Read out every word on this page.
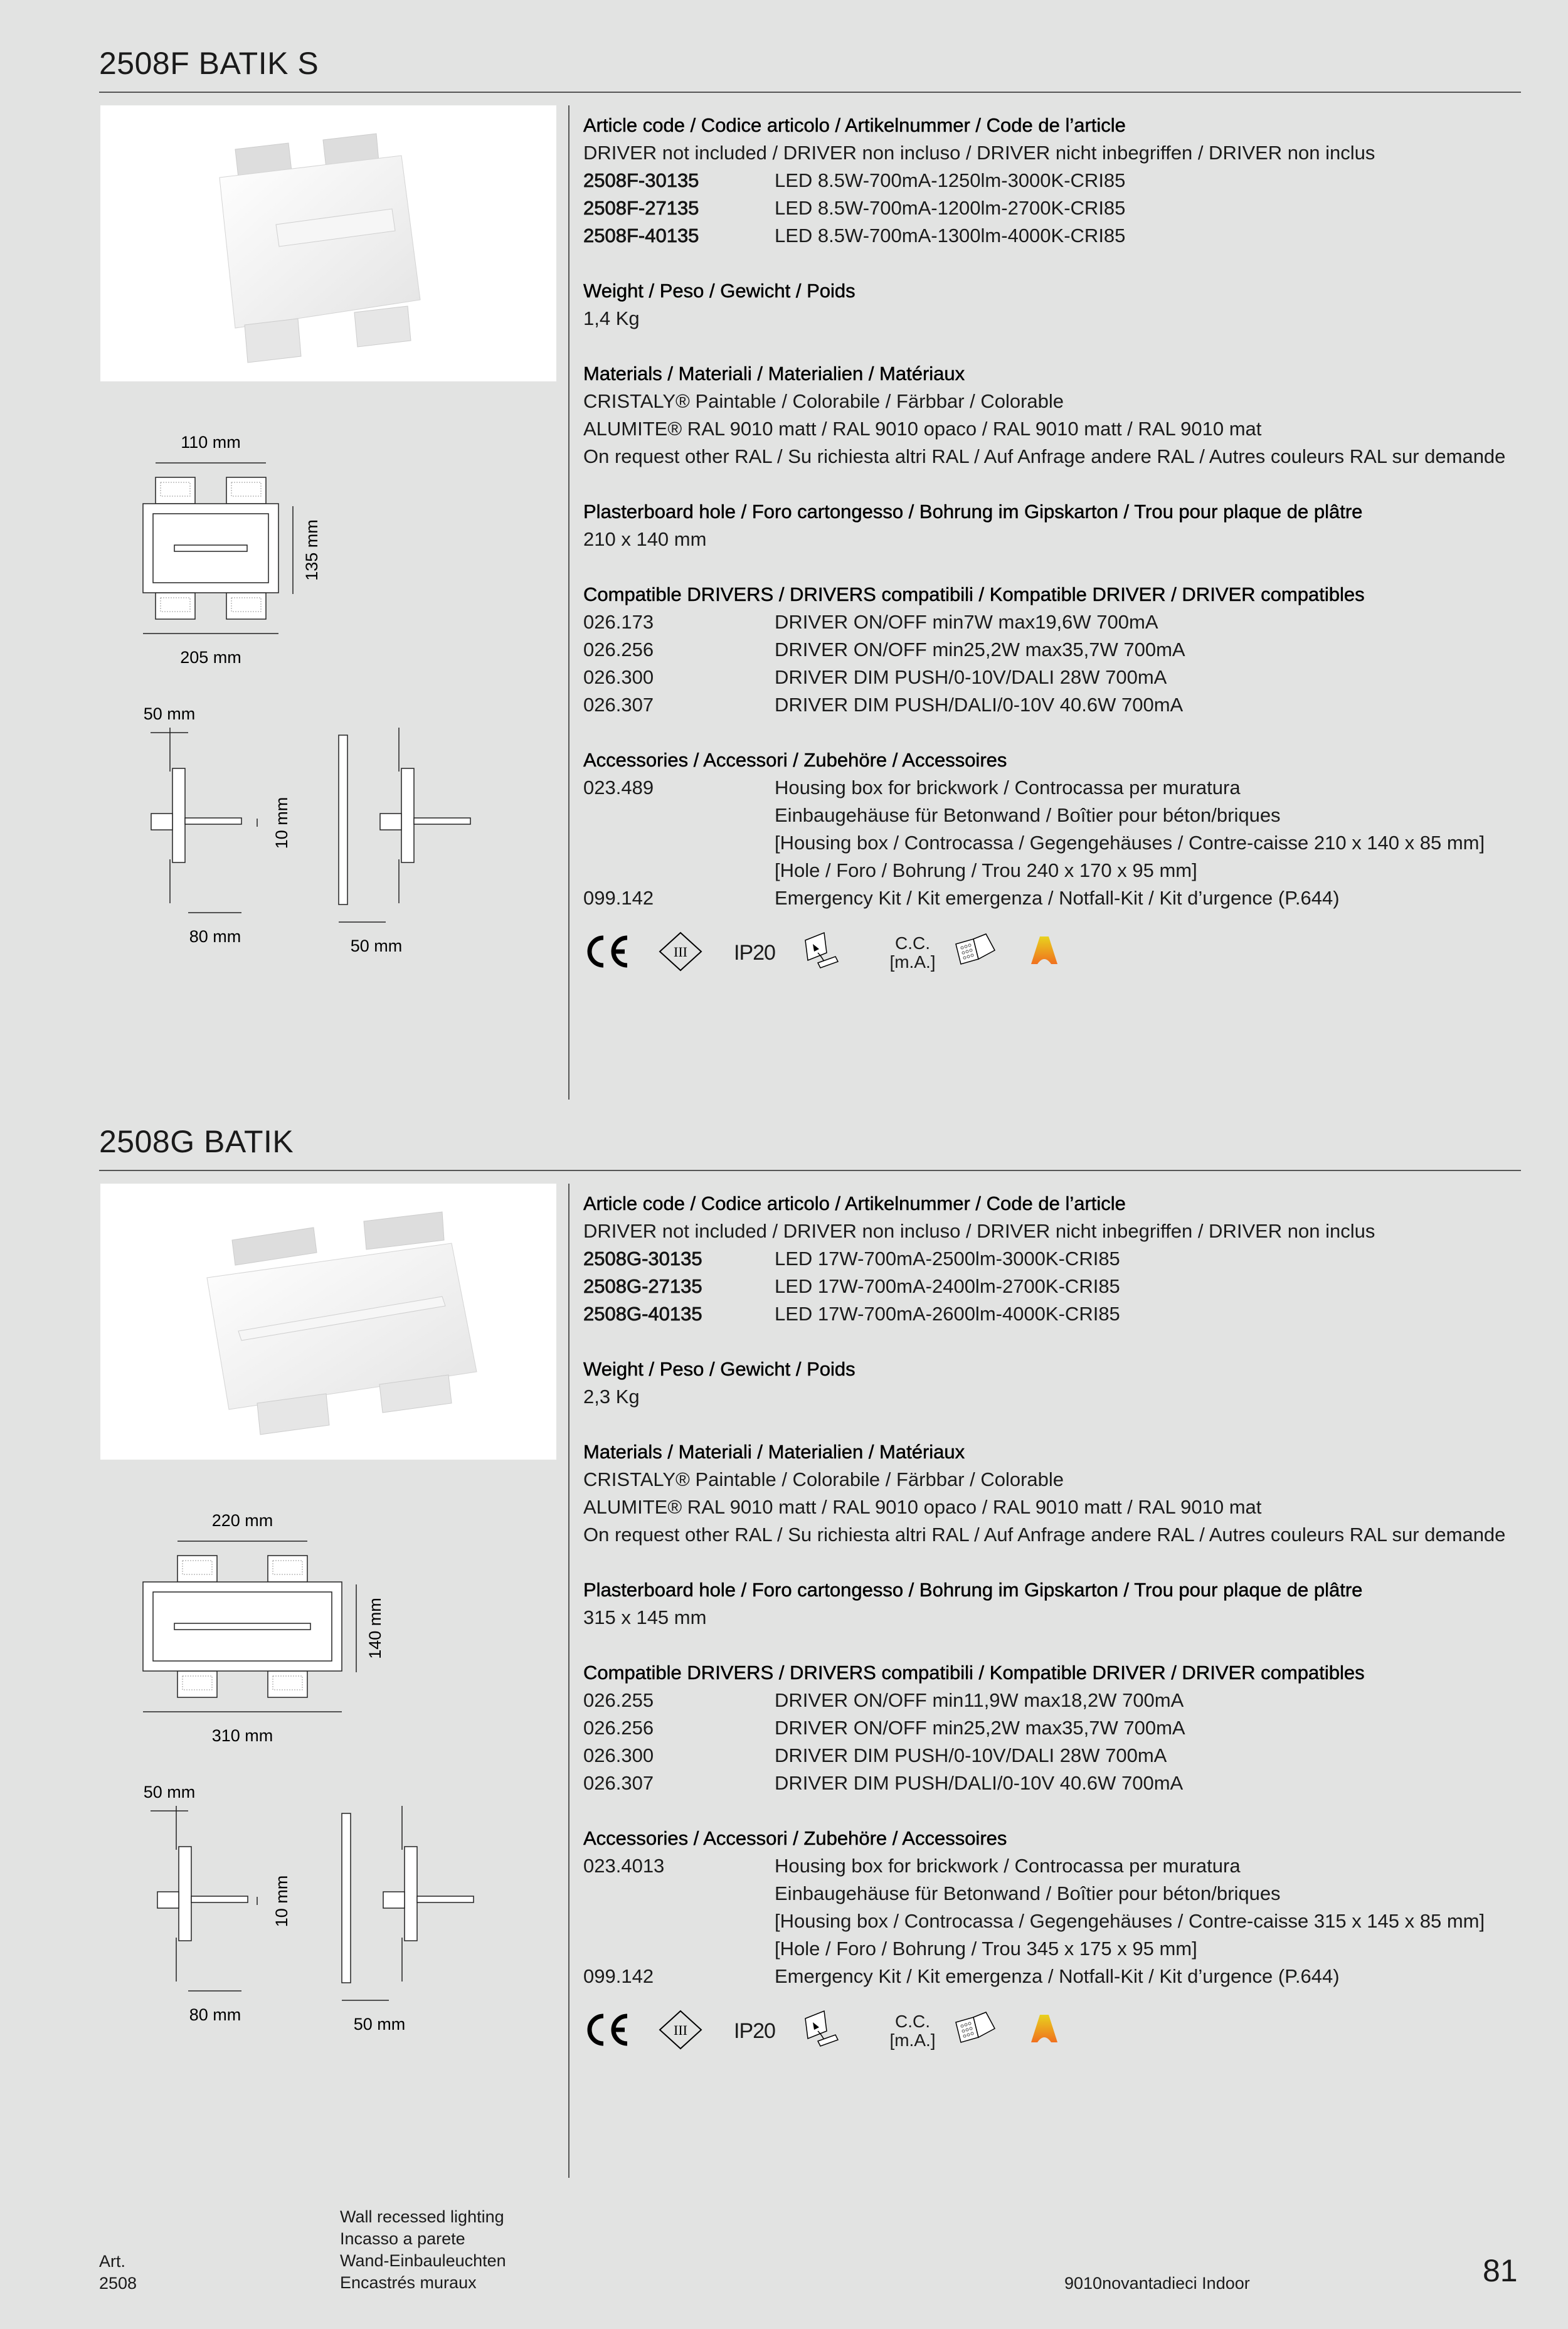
2508F BATIK S
110 mm
205 mm
135 mm
50 mm
10 mm
80 mm	50 mm
Article code / Codice articolo / Artikelnummer / Code de l’article
DRIVER not included / DRIVER non incluso / DRIVER nicht inbegriffen / DRIVER non inclus
2508F-30135	LED 8.5W-700mA-1250lm-3000K-CRI85
2508F-27135	LED 8.5W-700mA-1200lm-2700K-CRI85
2508F-40135	LED 8.5W-700mA-1300lm-4000K-CRI85
Weight / Peso / Gewicht / Poids
1,4 Kg
Materials / Materiali / Materialien / Matériaux
CRISTALY® Paintable / Colorabile / Färbbar / Colorable
ALUMITE® RAL 9010 matt / RAL 9010 opaco / RAL 9010 matt / RAL 9010 mat
On request other RAL / Su richiesta altri RAL / Auf Anfrage andere RAL / Autres couleurs RAL sur demande
Plasterboard hole / Foro cartongesso / Bohrung im Gipskarton / Trou pour plaque de plâtre
210 x 140 mm
Compatible DRIVERS / DRIVERS compatibili / Kompatible DRIVER / DRIVER compatibles
026.173	DRIVER ON/OFF min7W max19,6W 700mA
026.256	DRIVER ON/OFF min25,2W max35,7W 700mA
026.300	DRIVER DIM PUSH/0-10V/DALI 28W 700mA
026.307	DRIVER DIM PUSH/DALI/0-10V 40.6W 700mA
Accessories / Accessori / Zubehöre / Accessoires
023.489	Housing box for brickwork / Controcassa per muratura
Einbaugehäuse für Betonwand / Boîtier pour béton/briques
[Housing box / Controcassa / Gegengehäuses / Contre-caisse 210 x 140 x 85 mm]
[Hole / Foro / Bohrung / Trou 240 x 170 x 95 mm]
099.142	Emergency Kit / Kit emergenza / Notfall-Kit / Kit d’urgence (P.644)
III IP20	C.C.
[m.A.]
2508G BATIK
220 mm
310 mm
140 mm
50 mm
10 mm
80 mm	50 mm
Article code / Codice articolo / Artikelnummer / Code de l’article
DRIVER not included / DRIVER non incluso / DRIVER nicht inbegriffen / DRIVER non inclus
2508G-30135	LED 17W-700mA-2500lm-3000K-CRI85
2508G-27135	LED 17W-700mA-2400lm-2700K-CRI85
2508G-40135	LED 17W-700mA-2600lm-4000K-CRI85
Weight / Peso / Gewicht / Poids
2,3 Kg
Materials / Materiali / Materialien / Matériaux
CRISTALY® Paintable / Colorabile / Färbbar / Colorable
ALUMITE® RAL 9010 matt / RAL 9010 opaco / RAL 9010 matt / RAL 9010 mat
On request other RAL / Su richiesta altri RAL / Auf Anfrage andere RAL / Autres couleurs RAL sur demande
Plasterboard hole / Foro cartongesso / Bohrung im Gipskarton / Trou pour plaque de plâtre
315 x 145 mm
Compatible DRIVERS / DRIVERS compatibili / Kompatible DRIVER / DRIVER compatibles
026.255	DRIVER ON/OFF min11,9W max18,2W 700mA
026.256	DRIVER ON/OFF min25,2W max35,7W 700mA
026.300	DRIVER DIM PUSH/0-10V/DALI 28W 700mA
026.307	DRIVER DIM PUSH/DALI/0-10V 40.6W 700mA
Accessories / Accessori / Zubehöre / Accessoires
023.4013	Housing box for brickwork / Controcassa per muratura
Einbaugehäuse für Betonwand / Boîtier pour béton/briques
[Housing box / Controcassa / Gegengehäuses / Contre-caisse 315 x 145 x 85 mm]
[Hole / Foro / Bohrung / Trou 345 x 175 x 95 mm]
099.142	Emergency Kit / Kit emergenza / Notfall-Kit / Kit d’urgence (P.644)
III IP20	C.C.
[m.A.]
Art.
2508
Wall recessed lighting
Incasso a parete
Wand-Einbauleuchten
Encastrés muraux	9010novantadieci Indoor	81
